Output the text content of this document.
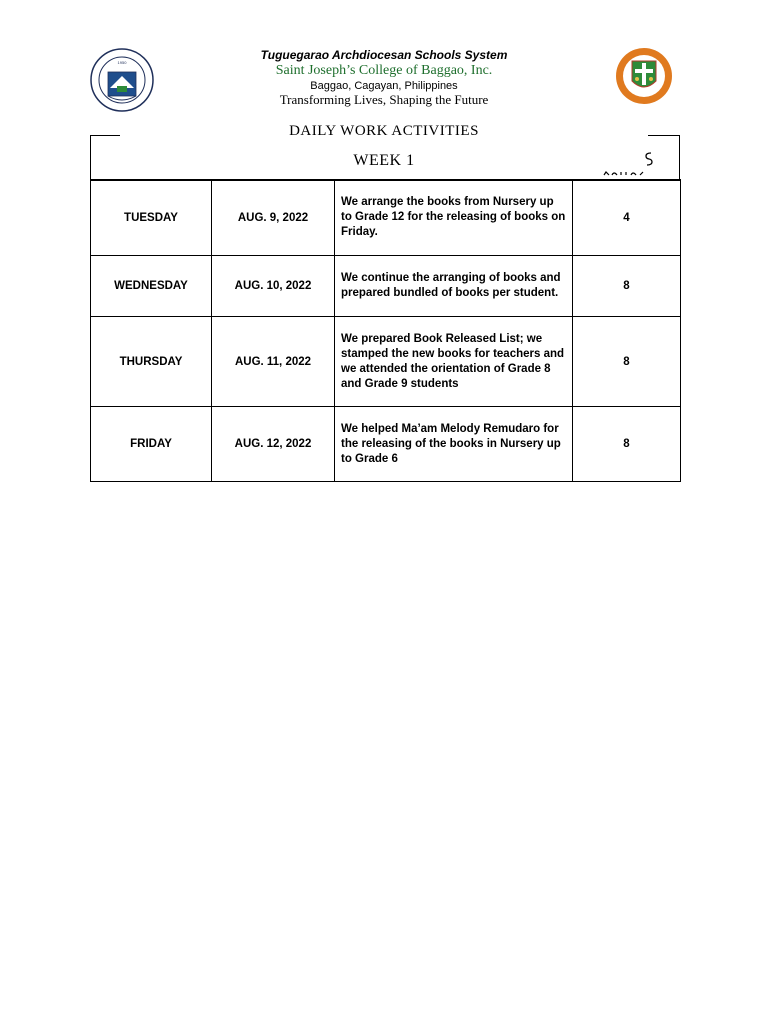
1950
Tuguegarao Archdiocesan Schools System
Saint Joseph’s College of Baggao, Inc.
Baggao, Cagayan, Philippines
Transforming Lives, Shaping the Future
DAILY WORK ACTIVITIES
WEEK 1
TUESDAY	AUG. 9, 2022	We arrange the books from Nursery up to Grade 12 for the releasing of books on Friday.	4
WEDNESDAY	AUG. 10, 2022	We continue the arranging of books and prepared bundled of books per student.	8
THURSDAY	AUG. 11, 2022	We prepared Book Released List; we stamped the new books for teachers and we attended the orientation of Grade 8 and Grade 9 students	8
FRIDAY	AUG. 12, 2022	We helped Ma’am Melody Remudaro for the releasing of the books in Nursery up to Grade 6	8
